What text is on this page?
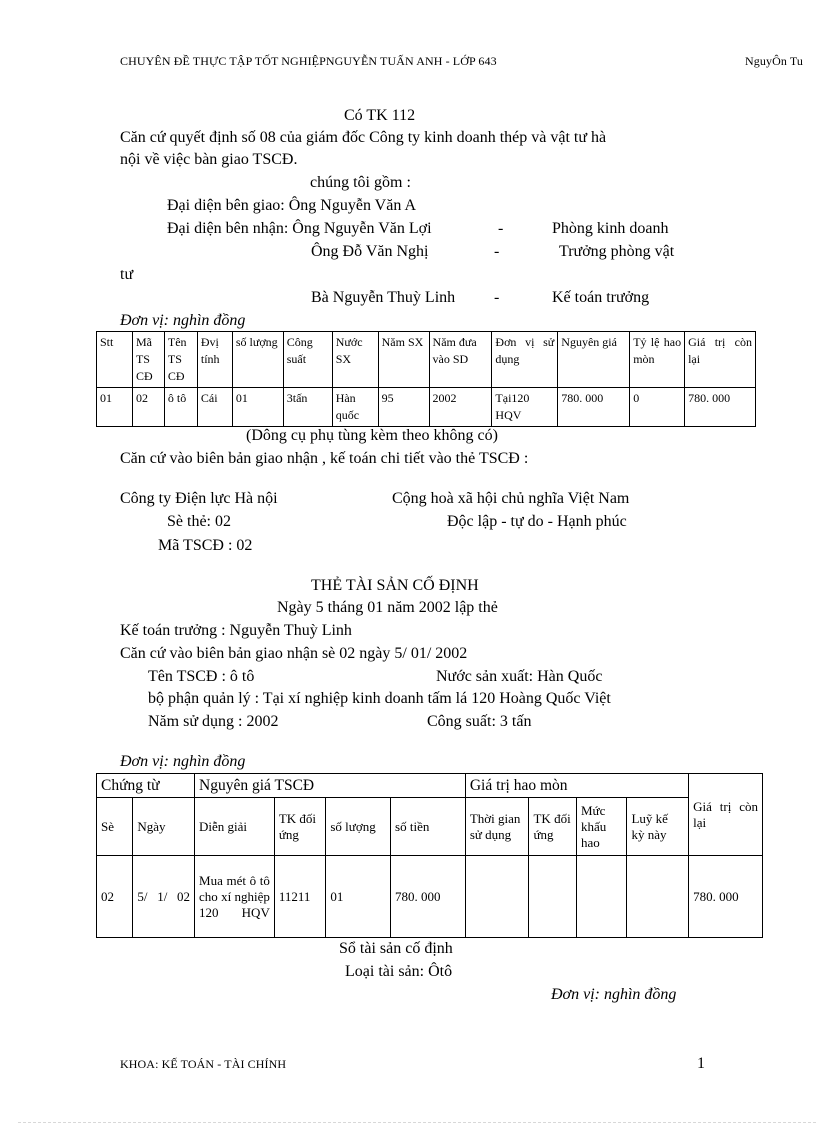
CHUYÊN ĐỀ THỰC TẬP TỐT NGHIỆPNGUYỄN TUẤN ANH - LỚP 643	NguyÔn Tu
Có TK 112
Căn cứ quyết định số 08 của giám đốc Công ty kinh doanh thép và vật tư hà
nội về việc bàn giao TSCĐ.
chúng tôi gồm :
Đại diện bên giao: Ông Nguyễn Văn A
Đại diện bên nhận: Ông Nguyễn Văn Lợi	-	Phòng kinh doanh
Ông Đỗ Văn Nghị	-	Trưởng phòng vật
tư
Bà Nguyễn Thuỳ Linh -	Kế toán trưởng
Đơn vị: nghìn đồng
Stt	Mã TS CĐ	Tên TS CĐ	Đvị tính	số lượng	Công suất	Nước SX	Năm SX	Năm đưa vào SD	Đơn vị sử dụng	Nguyên giá	Tỷ lệ hao mòn	Giá trị còn lại
01	02	ô tô	Cái	01	3tấn	Hàn quốc	95	2002	Tại120 HQV	780. 000	0	780. 000
(Dông cụ phụ tùng kèm theo không có)
Căn cứ vào biên bản giao nhận , kế toán chi tiết vào thẻ TSCĐ :
Công ty Điện lực Hà nội	Cộng hoà xã hội chủ nghĩa Việt Nam
Sè thẻ: 02	Độc lập - tự do - Hạnh phúc
Mã TSCĐ : 02
THẺ TÀI SẢN CỐ ĐỊNH
Ngày 5 tháng 01 năm 2002 lập thẻ
Kế toán trưởng : Nguyễn Thuỳ Linh
Căn cứ vào biên bản giao nhận sè 02 ngày 5/ 01/ 2002
Tên TSCĐ : ô tô	Nước sản xuất: Hàn Quốc
bộ phận quản lý : Tại xí nghiệp kinh doanh tấm lá 120 Hoàng Quốc Việt
Năm sử dụng : 2002	Công suất: 3 tấn
Đơn vị: nghìn đồng
Chứng từ		Nguyên giá TSCĐ				Giá trị hao mòn				Giá trị còn lại
Sè	Ngày	Diễn giải	TK đối ứng	số lượng	số tiền	Thời gian sử dụng	TK đối ứng	Mức khấu hao	Luỹ kế kỳ này	
02	5/ 1/ 02	Mua mét ô tô cho xí nghiệp 120 HQV	11211	01	780. 000					780. 000
Sổ tài sản cố định
Loại tài sản: Ôtô
Đơn vị: nghìn đồng
KHOA: KẾ TOÁN - TÀI CHÍNH	1
